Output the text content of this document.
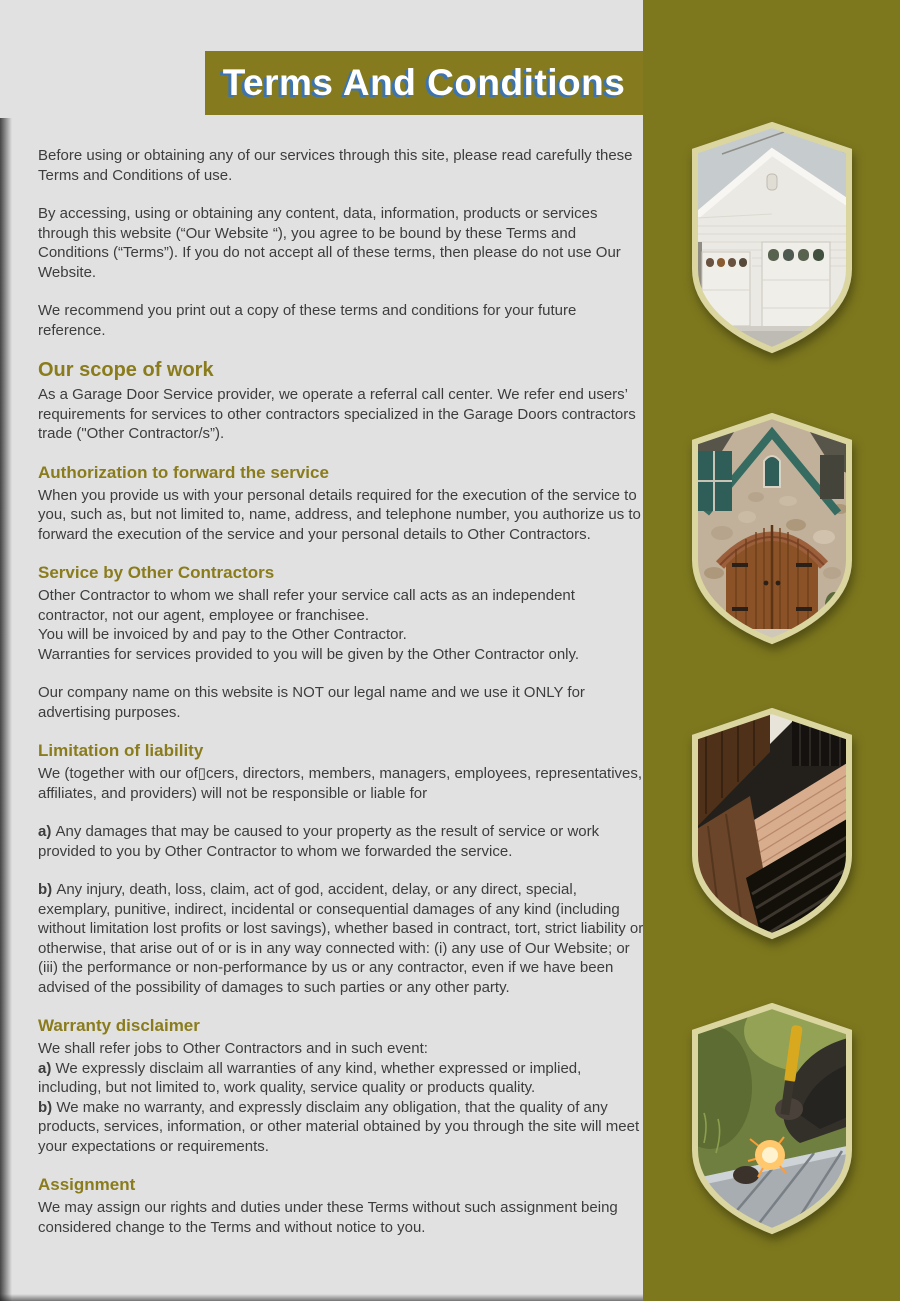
Terms And Conditions

Before using or obtaining any of our services through this site, please read carefully these Terms and Conditions of use.

By accessing, using or obtaining any content, data, information, products or services through this website (“Our Website “), you agree to be bound by these Terms and Conditions (“Terms”). If you do not accept all of these terms, then please do not use Our Website.

We recommend you print out a copy of these terms and conditions for your future reference.

Our scope of work

As a Garage Door Service provider, we operate a referral call center. We refer end users’ requirements for services to other contractors specialized in the Garage Doors contractors trade ("Other Contractor/s”).

Authorization to forward the service

When you provide us with your personal details required for the execution of the service to you, such as, but not limited to, name, address, and telephone number, you authorize us to forward the execution of the service and your personal details to Other Contractors.

Service by Other Contractors

Other Contractor to whom we shall refer your service call acts as an independent contractor, not our agent, employee or franchisee.

You will be invoiced by and pay to the Other Contractor.

Warranties for services provided to you will be given by the Other Contractor only.

Our company name on this website is NOT our legal name and we use it ONLY for advertising purposes.

Limitation of liability

We (together with our of▯cers, directors, members, managers, employees, representatives, affiliates, and providers) will not be responsible or liable for

a) Any damages that may be caused to your property as the result of service or work provided to you by Other Contractor to whom we forwarded the service.

b) Any injury, death, loss, claim, act of god, accident, delay, or any direct, special, exemplary, punitive, indirect, incidental or consequential damages of any kind (including without limitation lost profits or lost savings), whether based in contract, tort, strict liability or otherwise, that arise out of or is in any way connected with: (i) any use of Our Website; or (iii) the performance or non-performance by us or any contractor, even if we have been advised of the possibility of damages to such parties or any other party.

Warranty disclaimer

We shall refer jobs to Other Contractors and in such event:

a) We expressly disclaim all warranties of any kind, whether expressed or implied, including, but not limited to, work quality, service quality or products quality.

b) We make no warranty, and expressly disclaim any obligation, that the quality of any products, services, information, or other material obtained by you through the site will meet your expectations or requirements.

Assignment

We may assign our rights and duties under these Terms without such assignment being considered change to the Terms and without notice to you.
